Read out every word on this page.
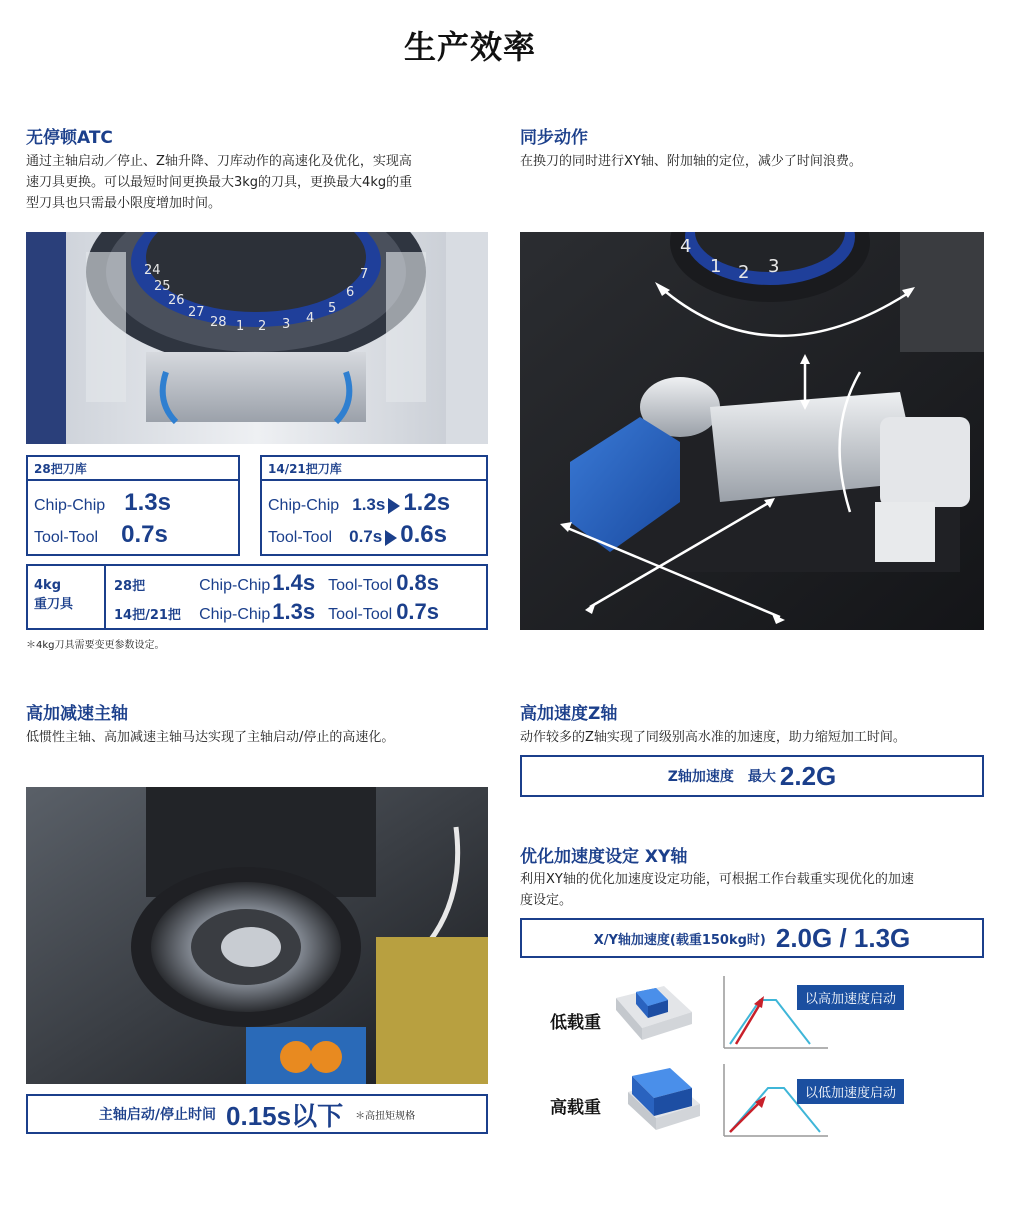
生产效率
无停顿ATC
通过主轴启动／停止、Z轴升降、刀库动作的高速化及优化，实现高
速刀具更换。可以最短时间更换最大3kg的刀具，更换最大4kg的重
型刀具也只需最小限度增加时间。
24
25
26
27
28 1 2 3 4
5
6
7
28把刀库
Chip-Chip 1.3s
Tool-Tool 0.7s
14/21把刀库
Chip-Chip 1.3s 1.2s
Tool-Tool 0.7s 0.6s
4kg
重刀具
28把	Chip-Chip1.4s Tool-Tool 0.8s
14把/21把 Chip-Chip1.3s Tool-Tool 0.7s
＊4kg刀具需要变更参数设定。
同步动作
在换刀的同时进行XY轴、附加轴的定位，减少了时间浪费。
4
1 2 3
高加减速主轴
低惯性主轴、高加减速主轴马达实现了主轴启动/停止的高速化。
主轴启动/停止时间 0.15s以下 ＊高扭矩规格
高加速度Z轴
动作较多的Z轴实现了同级别高水准的加速度，助力缩短加工时间。
Z轴加速度 最大 2.2G
优化加速度设定 XY轴
利用XY轴的优化加速度设定功能，可根据工作台载重实现优化的加速
度设定。
X/Y轴加速度(载重150kg时) 2.0G / 1.3G
低载重
以高加速度启动
高载重
以低加速度启动
